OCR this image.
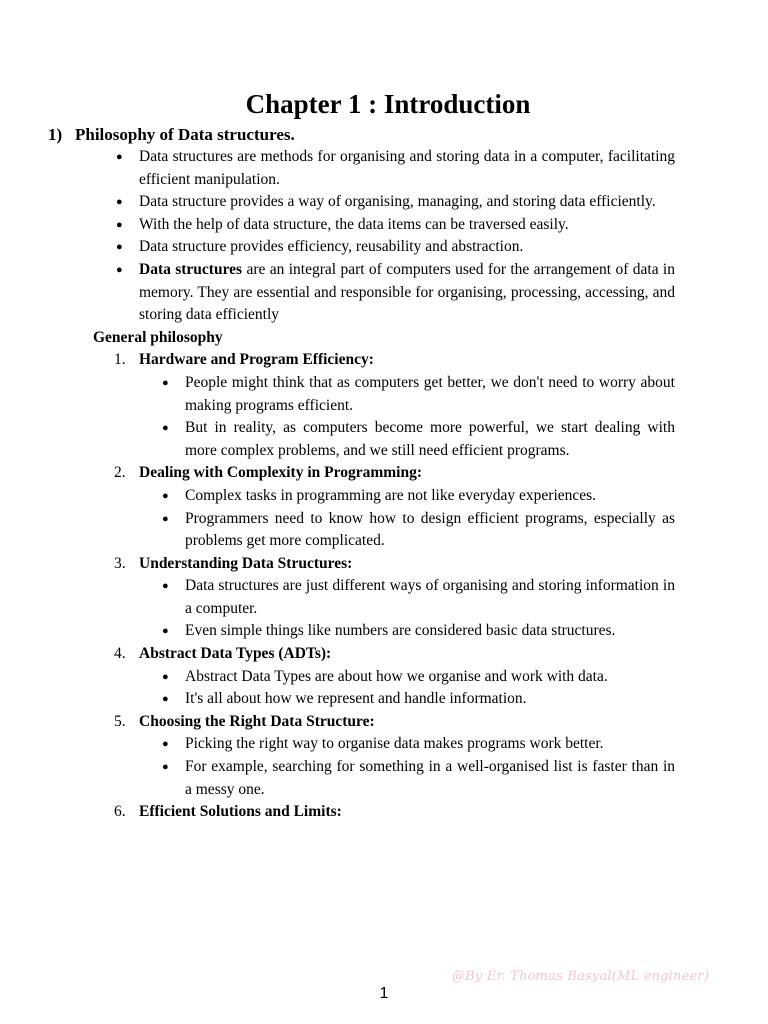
Chapter 1 : Introduction
1) Philosophy of Data structures.
● Data structures are methods for organising and storing data in a computer, facilitating efficient manipulation.
● Data structure provides a way of organising, managing, and storing data efficiently.
● With the help of data structure, the data items can be traversed easily.
● Data structure provides efficiency, reusability and abstraction.
● Data structures are an integral part of computers used for the arrangement of data in memory. They are essential and responsible for organising, processing, accessing, and storing data efficiently
General philosophy
1. Hardware and Program Efficiency:
● People might think that as computers get better, we don't need to worry about making programs efficient.
● But in reality, as computers become more powerful, we start dealing with more complex problems, and we still need efficient programs.
2. Dealing with Complexity in Programming:
● Complex tasks in programming are not like everyday experiences.
● Programmers need to know how to design efficient programs, especially as problems get more complicated.
3. Understanding Data Structures:
● Data structures are just different ways of organising and storing information in a computer.
● Even simple things like numbers are considered basic data structures.
4. Abstract Data Types (ADTs):
● Abstract Data Types are about how we organise and work with data.
● It's all about how we represent and handle information.
5. Choosing the Right Data Structure:
● Picking the right way to organise data makes programs work better.
● For example, searching for something in a well-organised list is faster than in a messy one.
6. Efficient Solutions and Limits:
@By Er. Thomas Basyal(ML engineer)
1
